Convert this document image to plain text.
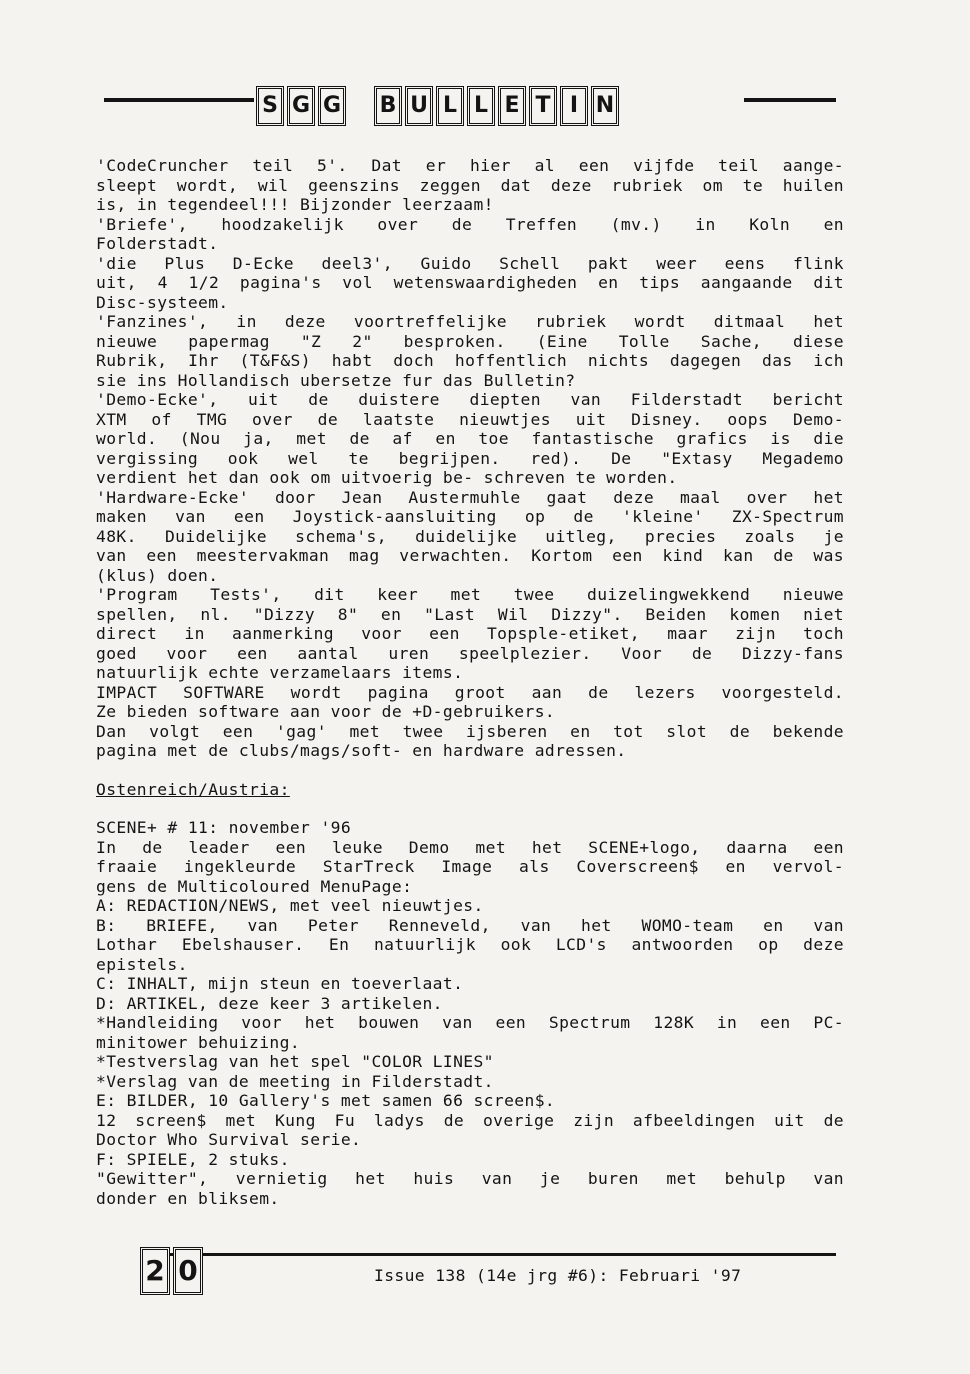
S G G B U L L E T I N

'CodeCruncher teil 5'. Dat er hier al een vijfde teil aange-

sleept wordt, wil geenszins zeggen dat deze rubriek om te huilen

is, in tegendeel!!! Bijzonder leerzaam!

'Briefe', hoodzakelijk over de Treffen (mv.) in Koln en

Folderstadt.

'die Plus D-Ecke deel3', Guido Schell pakt weer eens flink

uit, 4 1/2 pagina's vol wetenswaardigheden en tips aangaande dit

Disc-systeem.

'Fanzines', in deze voortreffelijke rubriek wordt ditmaal het

nieuwe papermag "Z 2" besproken. (Eine Tolle Sache, diese

Rubrik, Ihr (T&F&S) habt doch hoffentlich nichts dagegen das ich

sie ins Hollandisch ubersetze fur das Bulletin?

'Demo-Ecke', uit de duistere diepten van Filderstadt bericht

XTM of TMG over de laatste nieuwtjes uit Disney. oops Demo-

world. (Nou ja, met de af en toe fantastische grafics is die

vergissing ook wel te begrijpen. red). De "Extasy Megademo

verdient het dan ook om uitvoerig be- schreven te worden.

'Hardware-Ecke' door Jean Austermuhle gaat deze maal over het

maken van een Joystick-aansluiting op de 'kleine' ZX-Spectrum

48K. Duidelijke schema's, duidelijke uitleg, precies zoals je

van een meestervakman mag verwachten. Kortom een kind kan de was

(klus) doen.

'Program Tests', dit keer met twee duizelingwekkend nieuwe

spellen, nl. "Dizzy 8" en "Last Wil Dizzy". Beiden komen niet

direct in aanmerking voor een Topsple-etiket, maar zijn toch

goed voor een aantal uren speelplezier. Voor de Dizzy-fans

natuurlijk echte verzamelaars items.

IMPACT SOFTWARE wordt pagina groot aan de lezers voorgesteld.

Ze bieden software aan voor de +D-gebruikers.

Dan volgt een 'gag' met twee ijsberen en tot slot de bekende

pagina met de clubs/mags/soft- en hardware adressen.

Ostenreich/Austria:

SCENE+ # 11: november '96

In de leader een leuke Demo met het SCENE+logo, daarna een

fraaie ingekleurde StarTreck Image als Coverscreen$ en vervol-

gens de Multicoloured MenuPage:

A: REDACTION/NEWS, met veel nieuwtjes.

B: BRIEFE, van Peter Renneveld, van het WOMO-team en van

Lothar Ebelshauser. En natuurlijk ook LCD's antwoorden op deze

epistels.

C: INHALT, mijn steun en toeverlaat.

D: ARTIKEL, deze keer 3 artikelen.

*Handleiding voor het bouwen van een Spectrum 128K in een PC-

minitower behuizing.

*Testverslag van het spel "COLOR LINES"

*Verslag van de meeting in Filderstadt.

E: BILDER, 10 Gallery's met samen 66 screen$.

12 screen$ met Kung Fu ladys de overige zijn afbeeldingen uit de

Doctor Who Survival serie.

F: SPIELE, 2 stuks.

"Gewitter", vernietig het huis van je buren met behulp van

donder en bliksem.

2 0	Issue 138 (14e jrg #6): Februari '97
